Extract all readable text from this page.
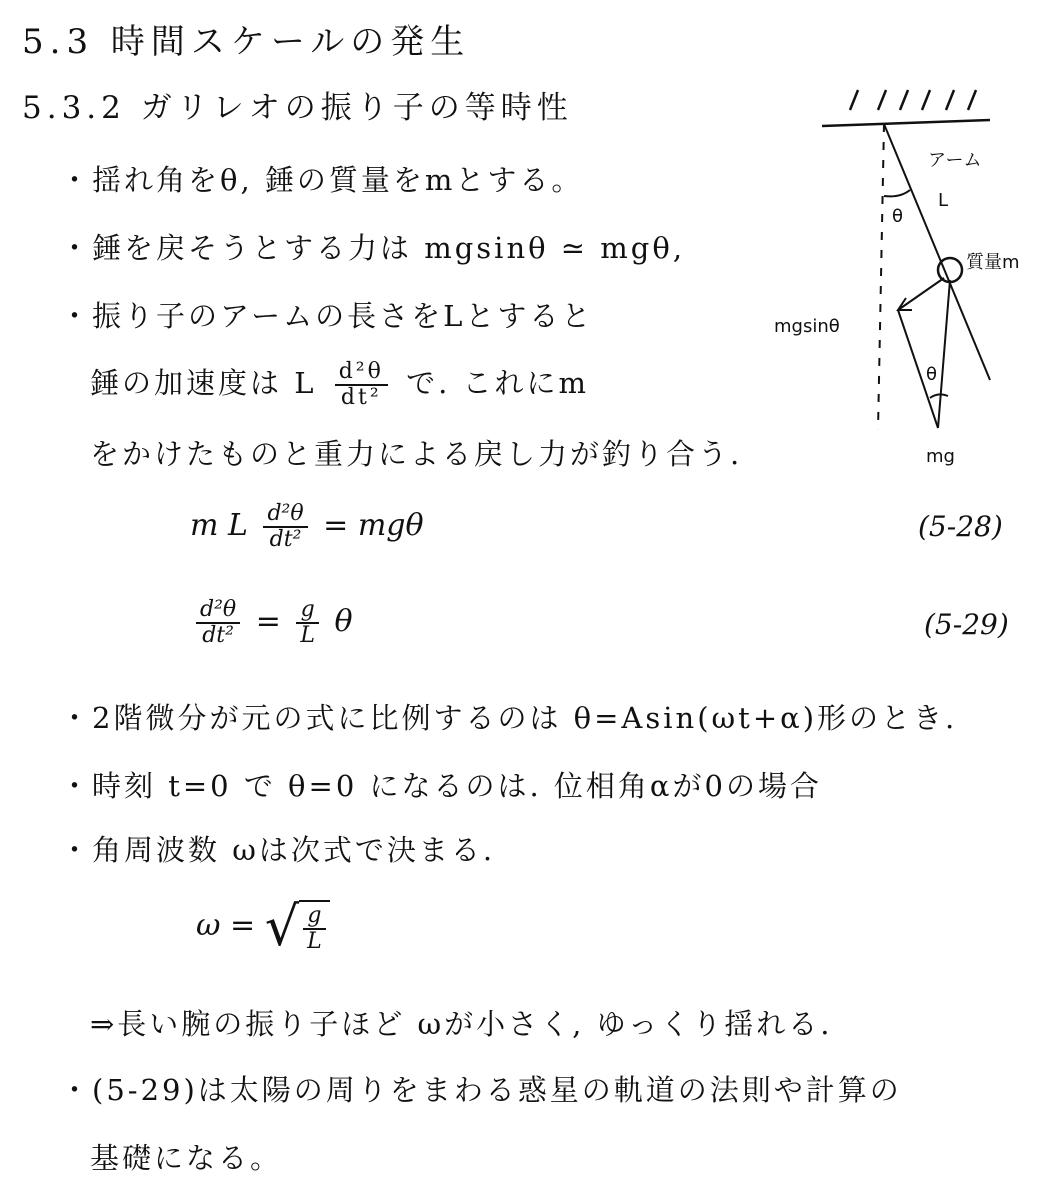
5.3 時間スケールの発生
5.3.2 ガリレオの振り子の等時性
・揺れ角をθ, 錘の質量をmとする。
・錘を戻そうとする力は mgsinθ ≃ mgθ,
・振り子のアームの長さをLとすると
錘の加速度は L $\frac{\text{d²θ}}{\text{dt²}}$ で. これにm
をかけたものと重力による戻し力が釣り合う.
m L $\frac{\text{d²θ}}{\text{dt²}} = mg\theta$	(5-28)
$\frac{\text{d²θ}}{\text{dt²}} = \frac{g}{L}$ θ	(5-29)
・2階微分が元の式に比例するのは θ=Asin(ωt+α)形のとき.
・時刻 t=0 で θ=0 になるのは. 位相角αが0の場合
・角周波数 ωは次式で決まる.
ω = √ $\frac{g}{L}$
⇒長い腕の振り子ほど ωが小さく, ゆっくり揺れる.
・(5-29)は太陽の周りをまわる惑星の軌道の法則や計算の
基礎になる。
アーム
L
θ
質量m
mgsinθ
θ
mg
